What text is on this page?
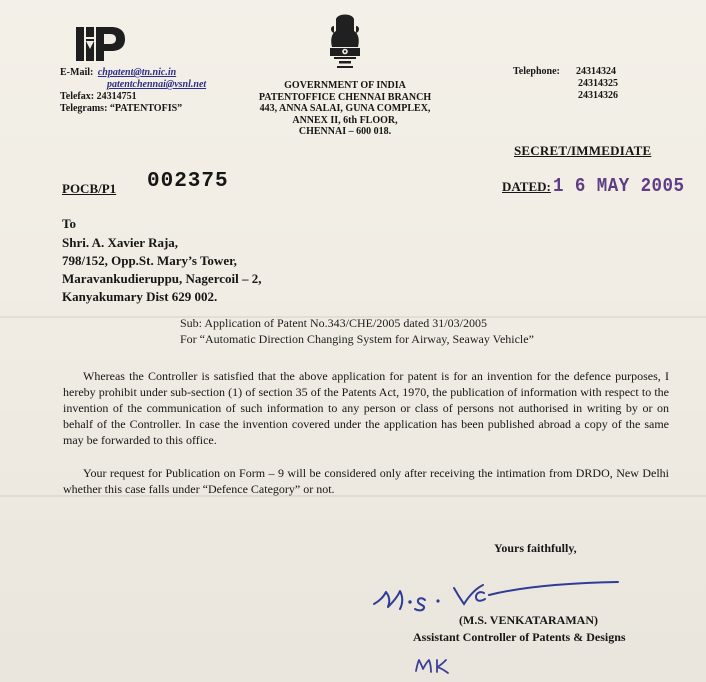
E-Mail: chpatent@tn.nic.in
patentchennai@vsnl.net
Telefax: 24314751
Telegrams: “PATENTOFIS”
GOVERNMENT OF INDIA
PATENTOFFICE CHENNAI BRANCH
443, ANNA SALAI, GUNA COMPLEX,
ANNEX II, 6th FLOOR,
CHENNAI – 600 018.
Telephone: 24314324
24314325
24314326
SECRET/IMMEDIATE
POCB/P1 002375	DATED: 1 6 MAY 2005
To
Shri. A. Xavier Raja,
798/152, Opp.St. Mary’s Tower,
Maravankudieruppu, Nagercoil – 2,
Kanyakumary Dist 629 002.
Sub: Application of Patent No.343/CHE/2005 dated 31/03/2005
For “Automatic Direction Changing System for Airway, Seaway Vehicle”

Whereas the Controller is satisfied that the above application for patent is for an invention for the defence purposes, I hereby prohibit under sub-section (1) of section 35 of the Patents Act, 1970, the publication of information with respect to the invention of the communication of such information to any person or class of persons not authorised in writing by or on behalf of the Controller. In case the invention covered under the application has been published abroad a copy of the same may be forwarded to this office.

Your request for Publication on Form – 9 will be considered only after receiving the intimation from DRDO, New Delhi whether this case falls under “Defence Category” or not.

Yours faithfully,
(M.S. VENKATARAMAN)
Assistant Controller of Patents & Designs
